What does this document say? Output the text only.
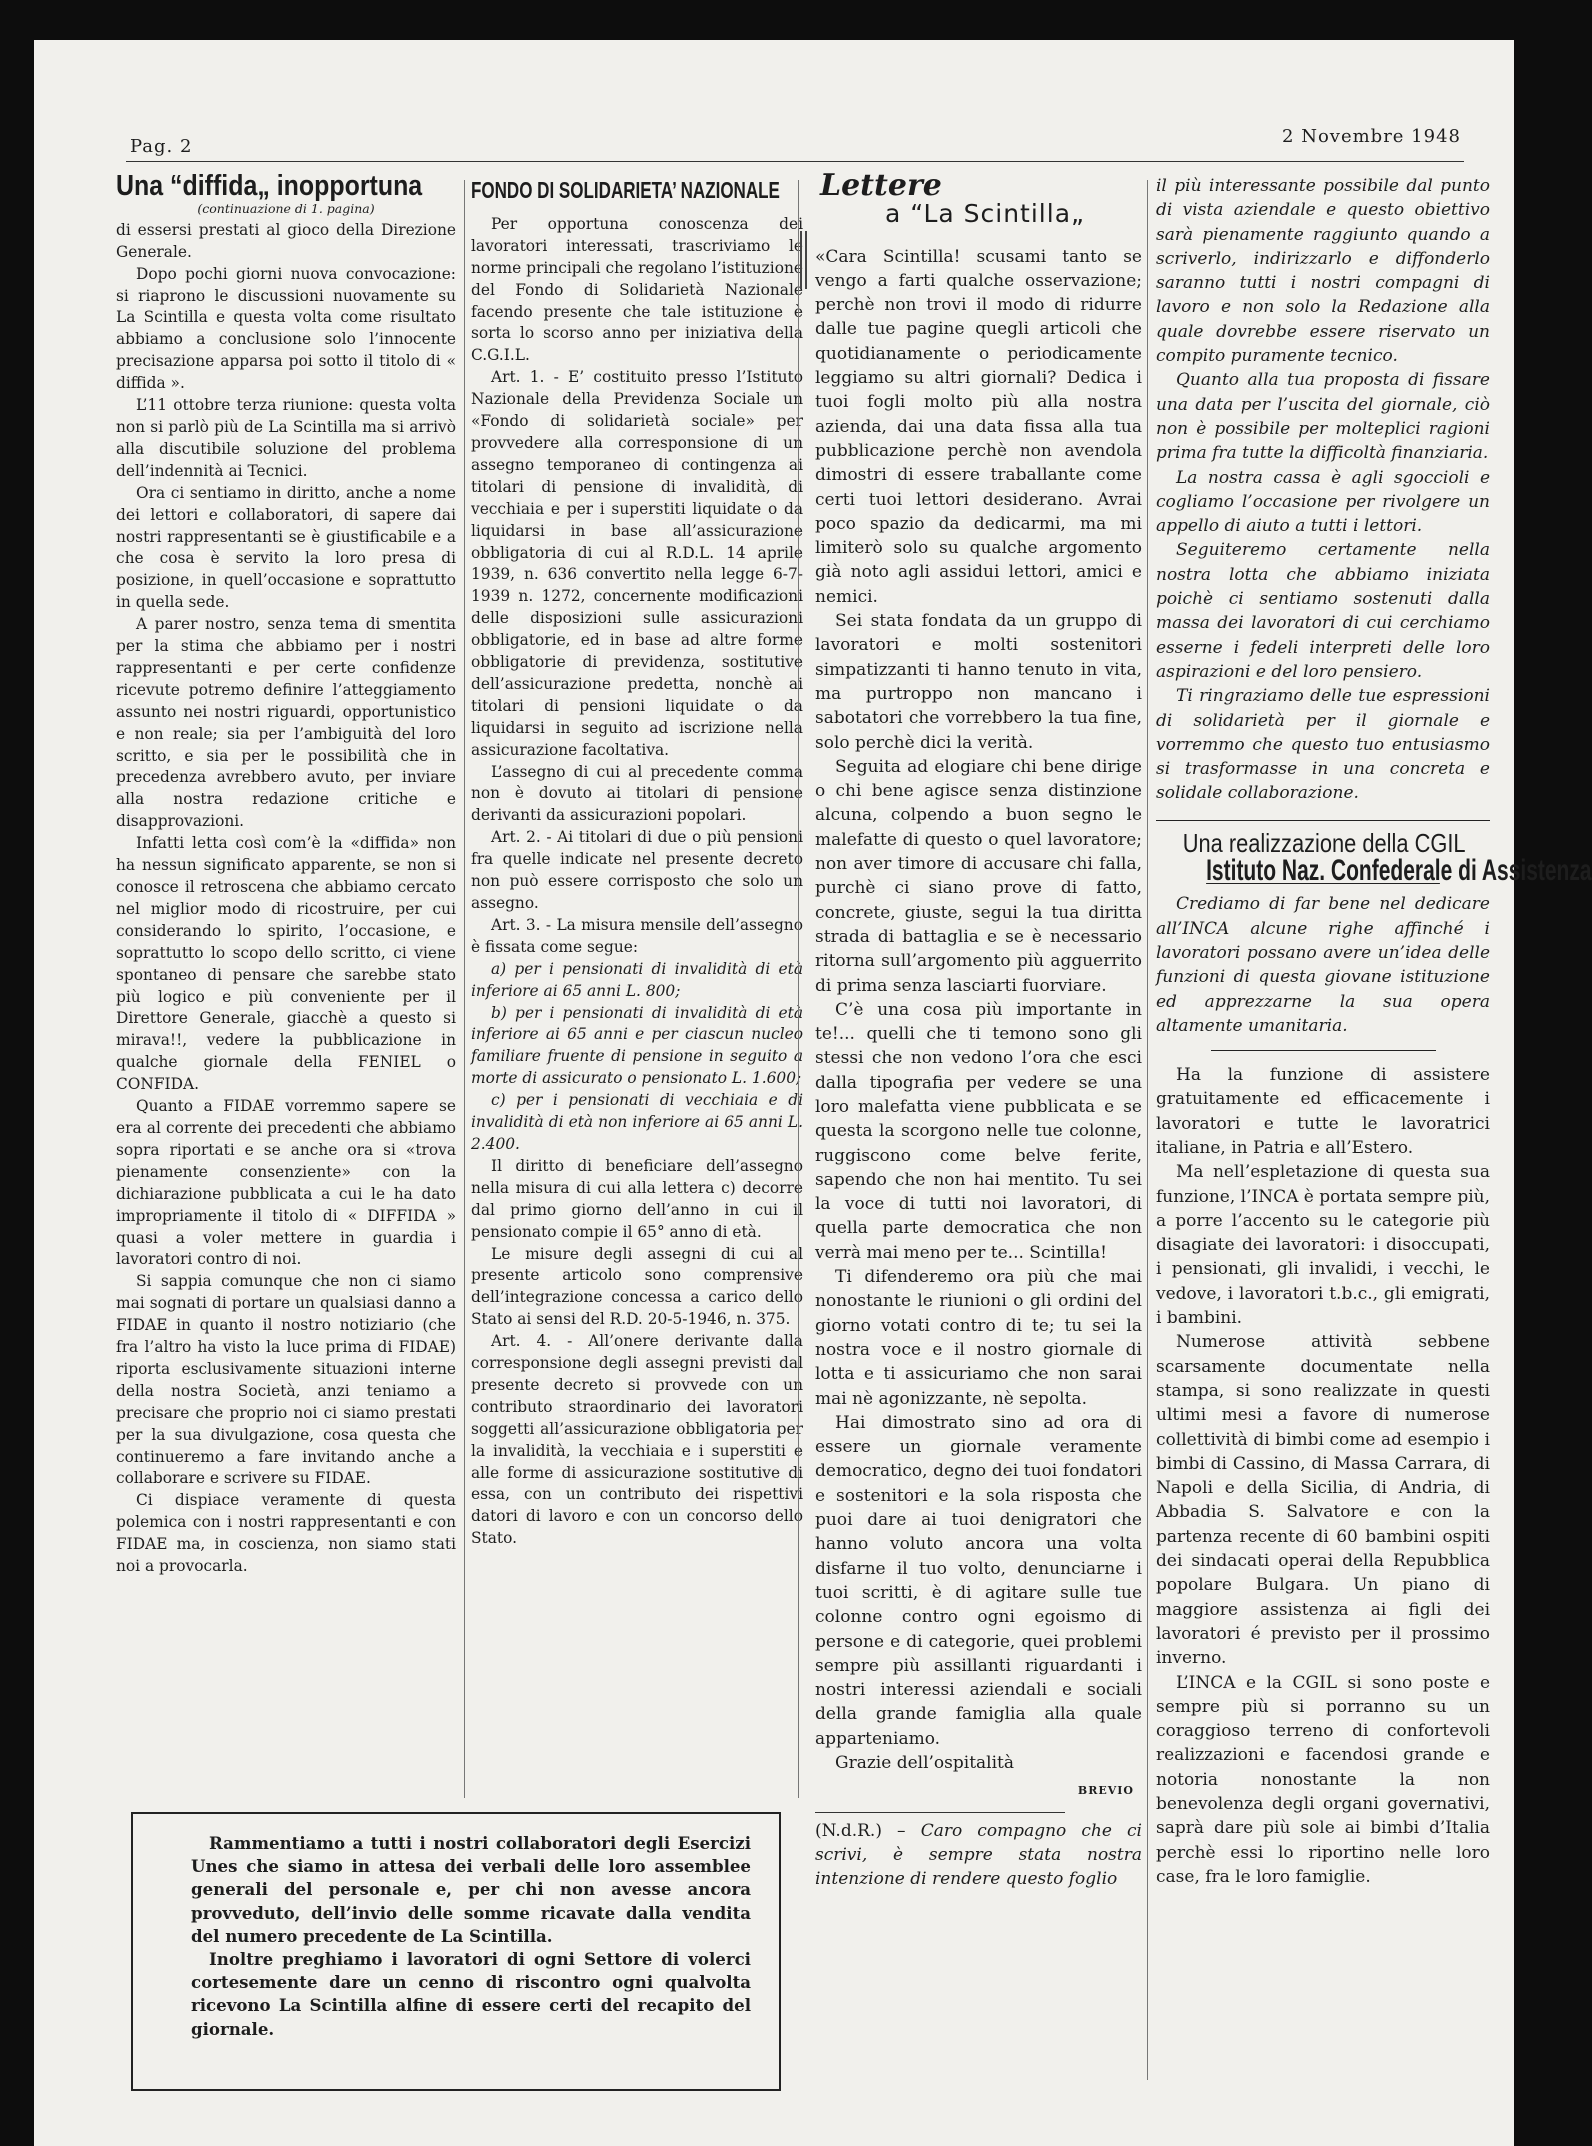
Pag. 2	2 Novembre 1948
Una “diffida„ inopportuna

(continuazione di 1. pagina)

di essersi prestati al gioco della Direzione Generale.

Dopo pochi giorni nuova convocazione: si riaprono le discussioni nuovamente su La Scintilla e questa volta come risultato abbiamo a conclusione solo l’innocente precisazione apparsa poi sotto il titolo di « diffida ».

L’11 ottobre terza riunione: questa volta non si parlò più de La Scintilla ma si arrivò alla discutibile soluzione del problema dell’indennità ai Tecnici.

Ora ci sentiamo in diritto, anche a nome dei lettori e collaboratori, di sapere dai nostri rappresentanti se è giustificabile e a che cosa è servito la loro presa di posizione, in quell’occasione e soprattutto in quella sede.

A parer nostro, senza tema di smentita per la stima che abbiamo per i nostri rappresentanti e per certe confidenze ricevute potremo definire l’atteggiamento assunto nei nostri riguardi, opportunistico e non reale; sia per l’ambiguità del loro scritto, e sia per le possibilità che in precedenza avrebbero avuto, per inviare alla nostra redazione critiche e disapprovazioni.

Infatti letta così com’è la «diffida» non ha nessun significato apparente, se non si conosce il retroscena che abbiamo cercato nel miglior modo di ricostruire, per cui considerando lo spirito, l’occasione, e soprattutto lo scopo dello scritto, ci viene spontaneo di pensare che sarebbe stato più logico e più conveniente per il Direttore Generale, giacchè a questo si mirava!!, vedere la pubblicazione in qualche giornale della FENIEL o CONFIDA.

Quanto a FIDAE vorremmo sapere se era al corrente dei precedenti che abbiamo sopra riportati e se anche ora si «trova pienamente consenziente» con la dichiarazione pubblicata a cui le ha dato impropriamente il titolo di « DIFFIDA » quasi a voler mettere in guardia i lavoratori contro di noi.

Si sappia comunque che non ci siamo mai sognati di portare un qualsiasi danno a FIDAE in quanto il nostro notiziario (che fra l’altro ha visto la luce prima di FIDAE) riporta esclusivamente situazioni interne della nostra Società, anzi teniamo a precisare che proprio noi ci siamo prestati per la sua divulgazione, cosa questa che continueremo a fare invitando anche a collaborare e scrivere su FIDAE.

Ci dispiace veramente di questa polemica con i nostri rappresentanti e con FIDAE ma, in coscienza, non siamo stati noi a provocarla.

FONDO DI SOLIDARIETA’ NAZIONALE

Per opportuna conoscenza dei lavoratori interessati, trascriviamo le norme principali che regolano l’istituzione del Fondo di Solidarietà Nazionale facendo presente che tale istituzione è sorta lo scorso anno per iniziativa della C.G.I.L.

Art. 1. - E’ costituito presso l’Istituto Nazionale della Previdenza Sociale un «Fondo di solidarietà sociale» per provvedere alla corresponsione di un assegno temporaneo di contingenza ai titolari di pensione di invalidità, di vecchiaia e per i superstiti liquidate o da liquidarsi in base all’assicurazione obbligatoria di cui al R.D.L. 14 aprile 1939, n. 636 convertito nella legge 6-7-1939 n. 1272, concernente modificazioni delle disposizioni sulle assicurazioni obbligatorie, ed in base ad altre forme obbligatorie di previdenza, sostitutive dell’assicurazione predetta, nonchè ai titolari di pensioni liquidate o da liquidarsi in seguito ad iscrizione nella assicurazione facoltativa.

L’assegno di cui al precedente comma non è dovuto ai titolari di pensione derivanti da assicurazioni popolari.

Art. 2. - Ai titolari di due o più pensioni fra quelle indicate nel presente decreto non può essere corrisposto che solo un assegno.

Art. 3. - La misura mensile dell’assegno è fissata come segue:

a) per i pensionati di invalidità di età inferiore ai 65 anni L. 800;

b) per i pensionati di invalidità di età inferiore ai 65 anni e per ciascun nucleo familiare fruente di pensione in seguito a morte di assicurato o pensionato L. 1.600;

c) per i pensionati di vecchiaia e di invalidità di età non inferiore ai 65 anni L. 2.400.

Il diritto di beneficiare dell’assegno nella misura di cui alla lettera c) decorre dal primo giorno dell’anno in cui il pensionato compie il 65° anno di età.

Le misure degli assegni di cui al presente articolo sono comprensive dell’integrazione concessa a carico dello Stato ai sensi del R.D. 20-5-1946, n. 375.

Art. 4. - All’onere derivante dalla corresponsione degli assegni previsti dal presente decreto si provvede con un contributo straordinario dei lavoratori soggetti all’assicurazione obbligatoria per la invalidità, la vecchiaia e i superstiti e alle forme di assicurazione sostitutive di essa, con un contributo dei rispettivi datori di lavoro e con un concorso dello Stato.

Lettere
a “La Scintilla„

«Cara Scintilla! scusami tanto se vengo a farti qualche osservazione; perchè non trovi il modo di ridurre dalle tue pagine quegli articoli che quotidianamente o periodicamente leggiamo su altri giornali? Dedica i tuoi fogli molto più alla nostra azienda, dai una data fissa alla tua pubblicazione perchè non avendola dimostri di essere traballante come certi tuoi lettori desiderano. Avrai poco spazio da dedicarmi, ma mi limiterò solo su qualche argomento già noto agli assidui lettori, amici e nemici.

Sei stata fondata da un gruppo di lavoratori e molti sostenitori simpatizzanti ti hanno tenuto in vita, ma purtroppo non mancano i sabotatori che vorrebbero la tua fine, solo perchè dici la verità.

Seguita ad elogiare chi bene dirige o chi bene agisce senza distinzione alcuna, colpendo a buon segno le malefatte di questo o quel lavoratore; non aver timore di accusare chi falla, purchè ci siano prove di fatto, concrete, giuste, segui la tua diritta strada di battaglia e se è necessario ritorna sull’argomento più agguerrito di prima senza lasciarti fuorviare.

C’è una cosa più importante in te!... quelli che ti temono sono gli stessi che non vedono l’ora che esci dalla tipografia per vedere se una loro malefatta viene pubblicata e se questa la scorgono nelle tue colonne, ruggiscono come belve ferite, sapendo che non hai mentito. Tu sei la voce di tutti noi lavoratori, di quella parte democratica che non verrà mai meno per te... Scintilla!

Ti difenderemo ora più che mai nonostante le riunioni o gli ordini del giorno votati contro di te; tu sei la nostra voce e il nostro giornale di lotta e ti assicuriamo che non sarai mai nè agonizzante, nè sepolta.

Hai dimostrato sino ad ora di essere un giornale veramente democratico, degno dei tuoi fondatori e sostenitori e la sola risposta che puoi dare ai tuoi denigratori che hanno voluto ancora una volta disfarne il tuo volto, denunciarne i tuoi scritti, è di agitare sulle tue colonne contro ogni egoismo di persone e di categorie, quei problemi sempre più assillanti riguardanti i nostri interessi aziendali e sociali della grande famiglia alla quale apparteniamo.

Grazie dell’ospitalità

BREVIO

(N.d.R.) – Caro compagno che ci scrivi, è sempre stata nostra intenzione di rendere questo foglio

il più interessante possibile dal punto di vista aziendale e questo obiettivo sarà pienamente raggiunto quando a scriverlo, indirizzarlo e diffonderlo saranno tutti i nostri compagni di lavoro e non solo la Redazione alla quale dovrebbe essere riservato un compito puramente tecnico.

Quanto alla tua proposta di fissare una data per l’uscita del giornale, ciò non è possibile per molteplici ragioni prima fra tutte la difficoltà finanziaria.

La nostra cassa è agli sgoccioli e cogliamo l’occasione per rivolgere un appello di aiuto a tutti i lettori.

Seguiteremo certamente nella nostra lotta che abbiamo iniziata poichè ci sentiamo sostenuti dalla massa dei lavoratori di cui cerchiamo esserne i fedeli interpreti delle loro aspirazioni e del loro pensiero.

Ti ringraziamo delle tue espressioni di solidarietà per il giornale e vorremmo che questo tuo entusiasmo si trasformasse in una concreta e solidale collaborazione.

Una realizzazione della CGIL
Istituto Naz. Confederale di Assistenza

Crediamo di far bene nel dedicare all’INCA alcune righe affinché i lavoratori possano avere un’idea delle funzioni di questa giovane istituzione ed apprezzarne la sua opera altamente umanitaria.

Ha la funzione di assistere gratuitamente ed efficacemente i lavoratori e tutte le lavoratrici italiane, in Patria e all’Estero.

Ma nell’espletazione di questa sua funzione, l’INCA è portata sempre più, a porre l’accento su le categorie più disagiate dei lavoratori: i disoccupati, i pensionati, gli invalidi, i vecchi, le vedove, i lavoratori t.b.c., gli emigrati, i bambini.

Numerose attività sebbene scarsamente documentate nella stampa, si sono realizzate in questi ultimi mesi a favore di numerose collettività di bimbi come ad esempio i bimbi di Cassino, di Massa Carrara, di Napoli e della Sicilia, di Andria, di Abbadia S. Salvatore e con la partenza recente di 60 bambini ospiti dei sindacati operai della Repubblica popolare Bulgara. Un piano di maggiore assistenza ai figli dei lavoratori é previsto per il prossimo inverno.

L’INCA e la CGIL si sono poste e sempre più si porranno su un coraggioso terreno di confortevoli realizzazioni e facendosi grande e notoria nonostante la non benevolenza degli organi governativi, saprà dare più sole ai bimbi d’Italia perchè essi lo riportino nelle loro case, fra le loro famiglie.

Rammentiamo a tutti i nostri collaboratori degli Esercizi Unes che siamo in attesa dei verbali delle loro assemblee generali del personale e, per chi non avesse ancora provveduto, dell’invio delle somme ricavate dalla vendita del numero precedente de La Scintilla.

Inoltre preghiamo i lavoratori di ogni Settore di volerci cortesemente dare un cenno di riscontro ogni qualvolta ricevono La Scintilla alfine di essere certi del recapito del giornale.
